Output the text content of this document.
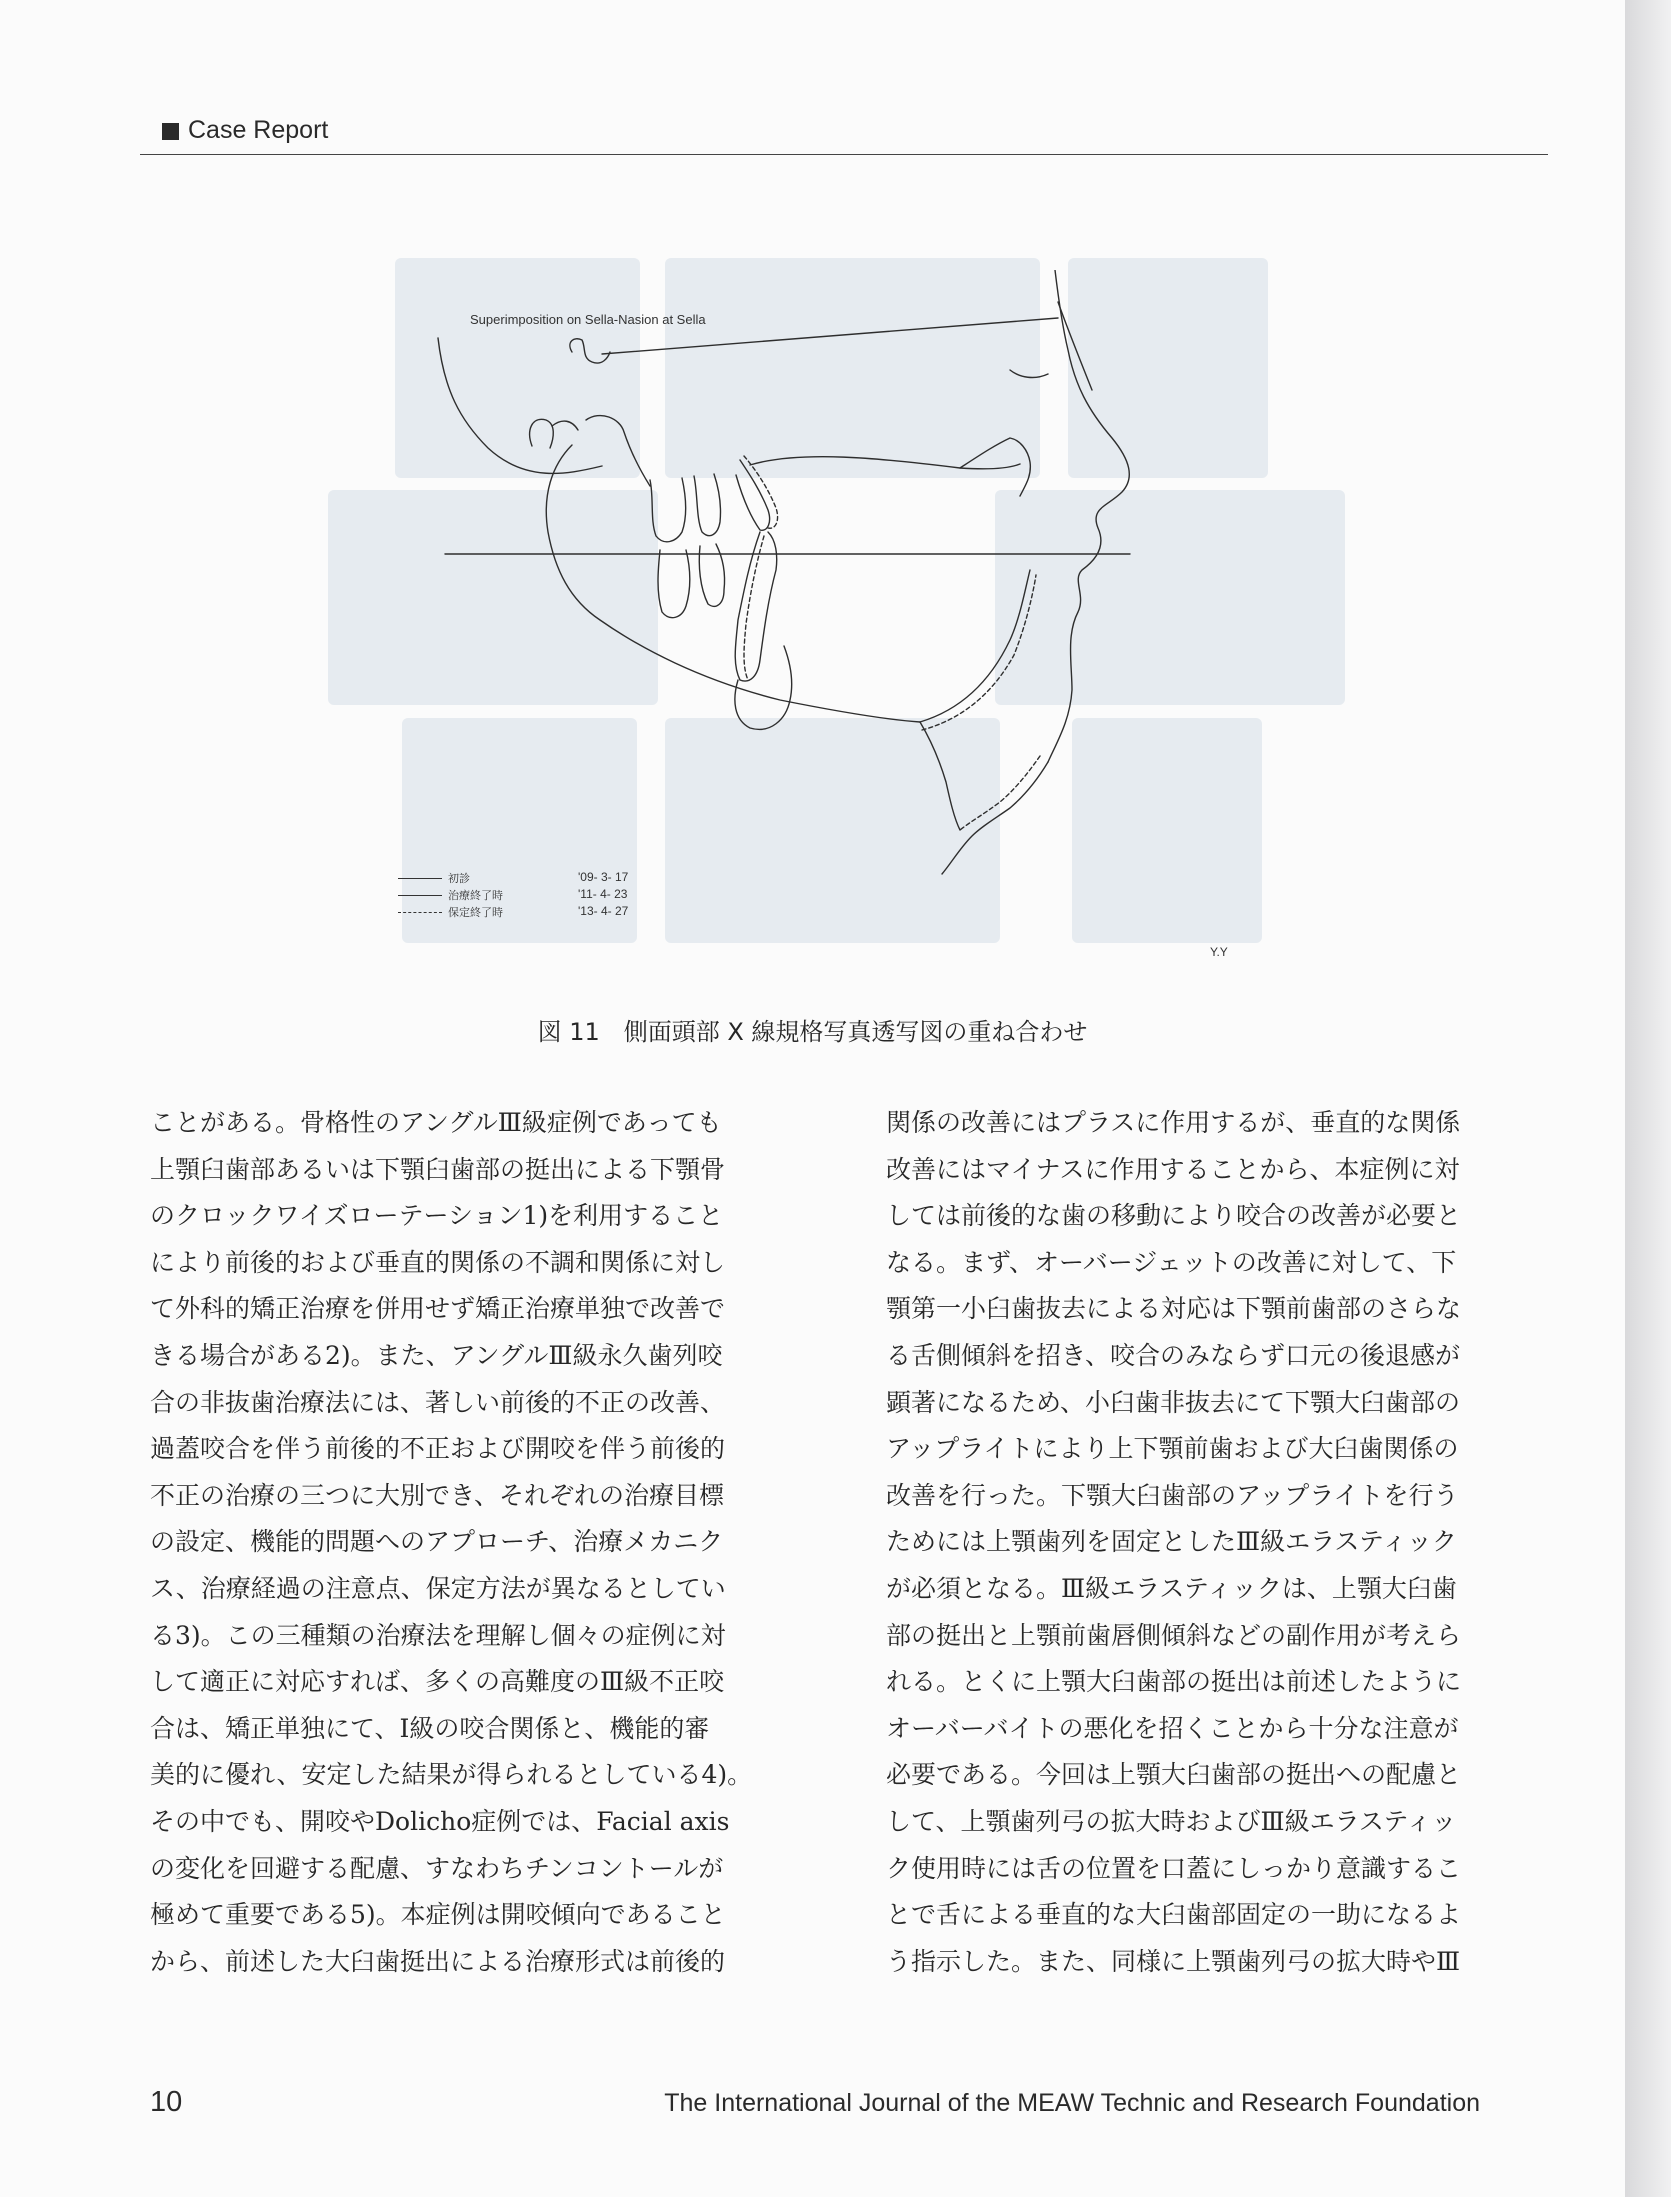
Case Report
Superimposition on Sella-Nasion at Sella
初診	'09- 3- 17
治療終了時	'11- 4- 23
保定終了時	'13- 4- 27
Y.Y
図 11　側面頭部 X 線規格写真透写図の重ね合わせ
ことがある。骨格性のアングルⅢ級症例であっても
上顎臼歯部あるいは下顎臼歯部の挺出による下顎骨
のクロックワイズローテーション1)を利用すること
により前後的および垂直的関係の不調和関係に対し
て外科的矯正治療を併用せず矯正治療単独で改善で
きる場合がある2)。また、アングルⅢ級永久歯列咬
合の非抜歯治療法には、著しい前後的不正の改善、
過蓋咬合を伴う前後的不正および開咬を伴う前後的
不正の治療の三つに大別でき、それぞれの治療目標
の設定、機能的問題へのアプローチ、治療メカニク
ス、治療経過の注意点、保定方法が異なるとしてい
る3)。この三種類の治療法を理解し個々の症例に対
して適正に対応すれば、多くの高難度のⅢ級不正咬
合は、矯正単独にて、Ⅰ級の咬合関係と、機能的審
美的に優れ、安定した結果が得られるとしている4)。
その中でも、開咬やDolicho症例では、Facial axis
の変化を回避する配慮、すなわちチンコントールが
極めて重要である5)。本症例は開咬傾向であること
から、前述した大臼歯挺出による治療形式は前後的
関係の改善にはプラスに作用するが、垂直的な関係
改善にはマイナスに作用することから、本症例に対
しては前後的な歯の移動により咬合の改善が必要と
なる。まず、オーバージェットの改善に対して、下
顎第一小臼歯抜去による対応は下顎前歯部のさらな
る舌側傾斜を招き、咬合のみならず口元の後退感が
顕著になるため、小臼歯非抜去にて下顎大臼歯部の
アップライトにより上下顎前歯および大臼歯関係の
改善を行った。下顎大臼歯部のアップライトを行う
ためには上顎歯列を固定としたⅢ級エラスティック
が必須となる。Ⅲ級エラスティックは、上顎大臼歯
部の挺出と上顎前歯唇側傾斜などの副作用が考えら
れる。とくに上顎大臼歯部の挺出は前述したように
オーバーバイトの悪化を招くことから十分な注意が
必要である。今回は上顎大臼歯部の挺出への配慮と
して、上顎歯列弓の拡大時およびⅢ級エラスティッ
ク使用時には舌の位置を口蓋にしっかり意識するこ
とで舌による垂直的な大臼歯部固定の一助になるよ
う指示した。また、同様に上顎歯列弓の拡大時やⅢ
10	The International Journal of the MEAW Technic and Research Foundation
